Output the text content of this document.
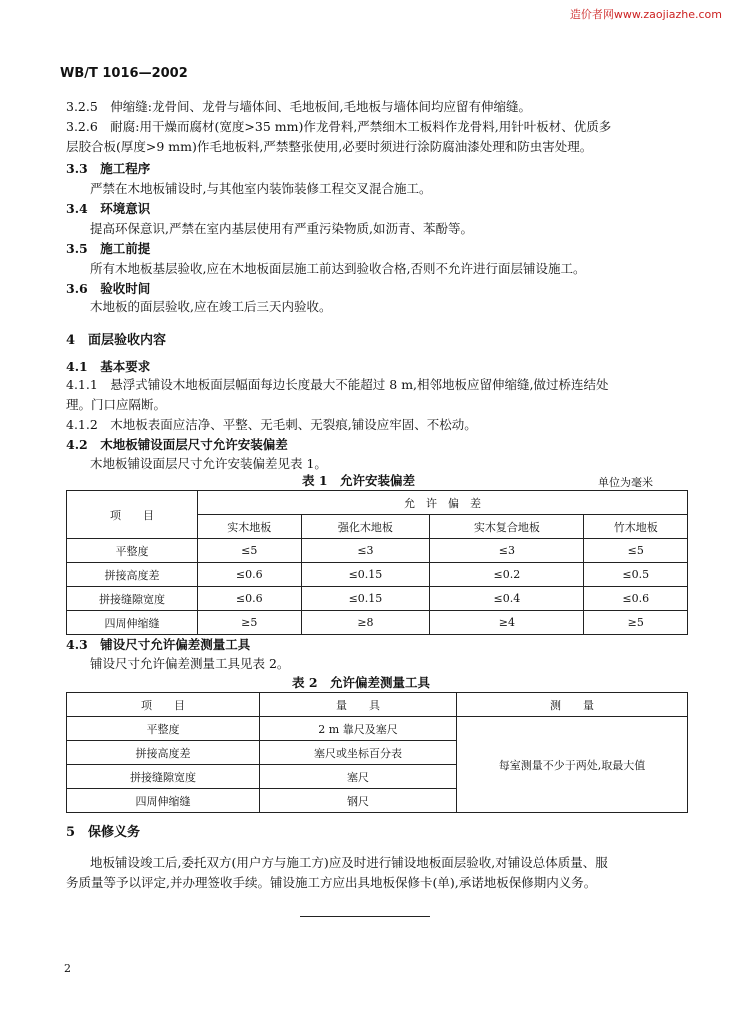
造价者网www.zaojiazhe.com
WB/T 1016—2002
3.2.5　伸缩缝:龙骨间、龙骨与墙体间、毛地板间,毛地板与墙体间均应留有伸缩缝。
3.2.6　耐腐:用干燥而腐材(宽度>35 mm)作龙骨料,严禁细木工板料作龙骨料,用针叶板材、优质多
层胶合板(厚度>9 mm)作毛地板料,严禁整张使用,必要时须进行涂防腐油漆处理和防虫害处理。
3.3　施工程序
严禁在木地板铺设时,与其他室内装饰装修工程交叉混合施工。
3.4　环境意识
提高环保意识,严禁在室内基层使用有严重污染物质,如沥青、苯酚等。
3.5　施工前提
所有木地板基层验收,应在木地板面层施工前达到验收合格,否则不允许进行面层铺设施工。
3.6　验收时间
木地板的面层验收,应在竣工后三天内验收。
4　面层验收内容
4.1　基本要求
4.1.1　悬浮式铺设木地板面层幅面每边长度最大不能超过 8 m,相邻地板应留伸缩缝,做过桥连结处
理。门口应隔断。
4.1.2　木地板表面应洁净、平整、无毛刺、无裂痕,铺设应牢固、不松动。
4.2　木地板铺设面层尺寸允许安装偏差
木地板铺设面层尺寸允许安装偏差见表 1。
表 1　允许安装偏差	单位为毫米
项　　目	允　许　偏　差			
	实木地板	强化木地板	实木复合地板	竹木地板
平整度	≤5	≤3	≤3	≤5
拼接高度差	≤0.6	≤0.15	≤0.2	≤0.5
拼接缝隙宽度	≤0.6	≤0.15	≤0.4	≤0.6
四周伸缩缝	≥5	≥8	≥4	≥5
4.3　铺设尺寸允许偏差测量工具
铺设尺寸允许偏差测量工具见表 2。
表 2　允许偏差测量工具
项　　目	量　　具	测　　量
平整度	2 m 靠尺及塞尺	每室测量不少于两处,取最大值
拼接高度差	塞尺或坐标百分表	
拼接缝隙宽度	塞尺	
四周伸缩缝	钢尺	
5　保修义务
地板铺设竣工后,委托双方(用户方与施工方)应及时进行铺设地板面层验收,对铺设总体质量、服
务质量等予以评定,并办理签收手续。铺设施工方应出具地板保修卡(单),承诺地板保修期内义务。
2
